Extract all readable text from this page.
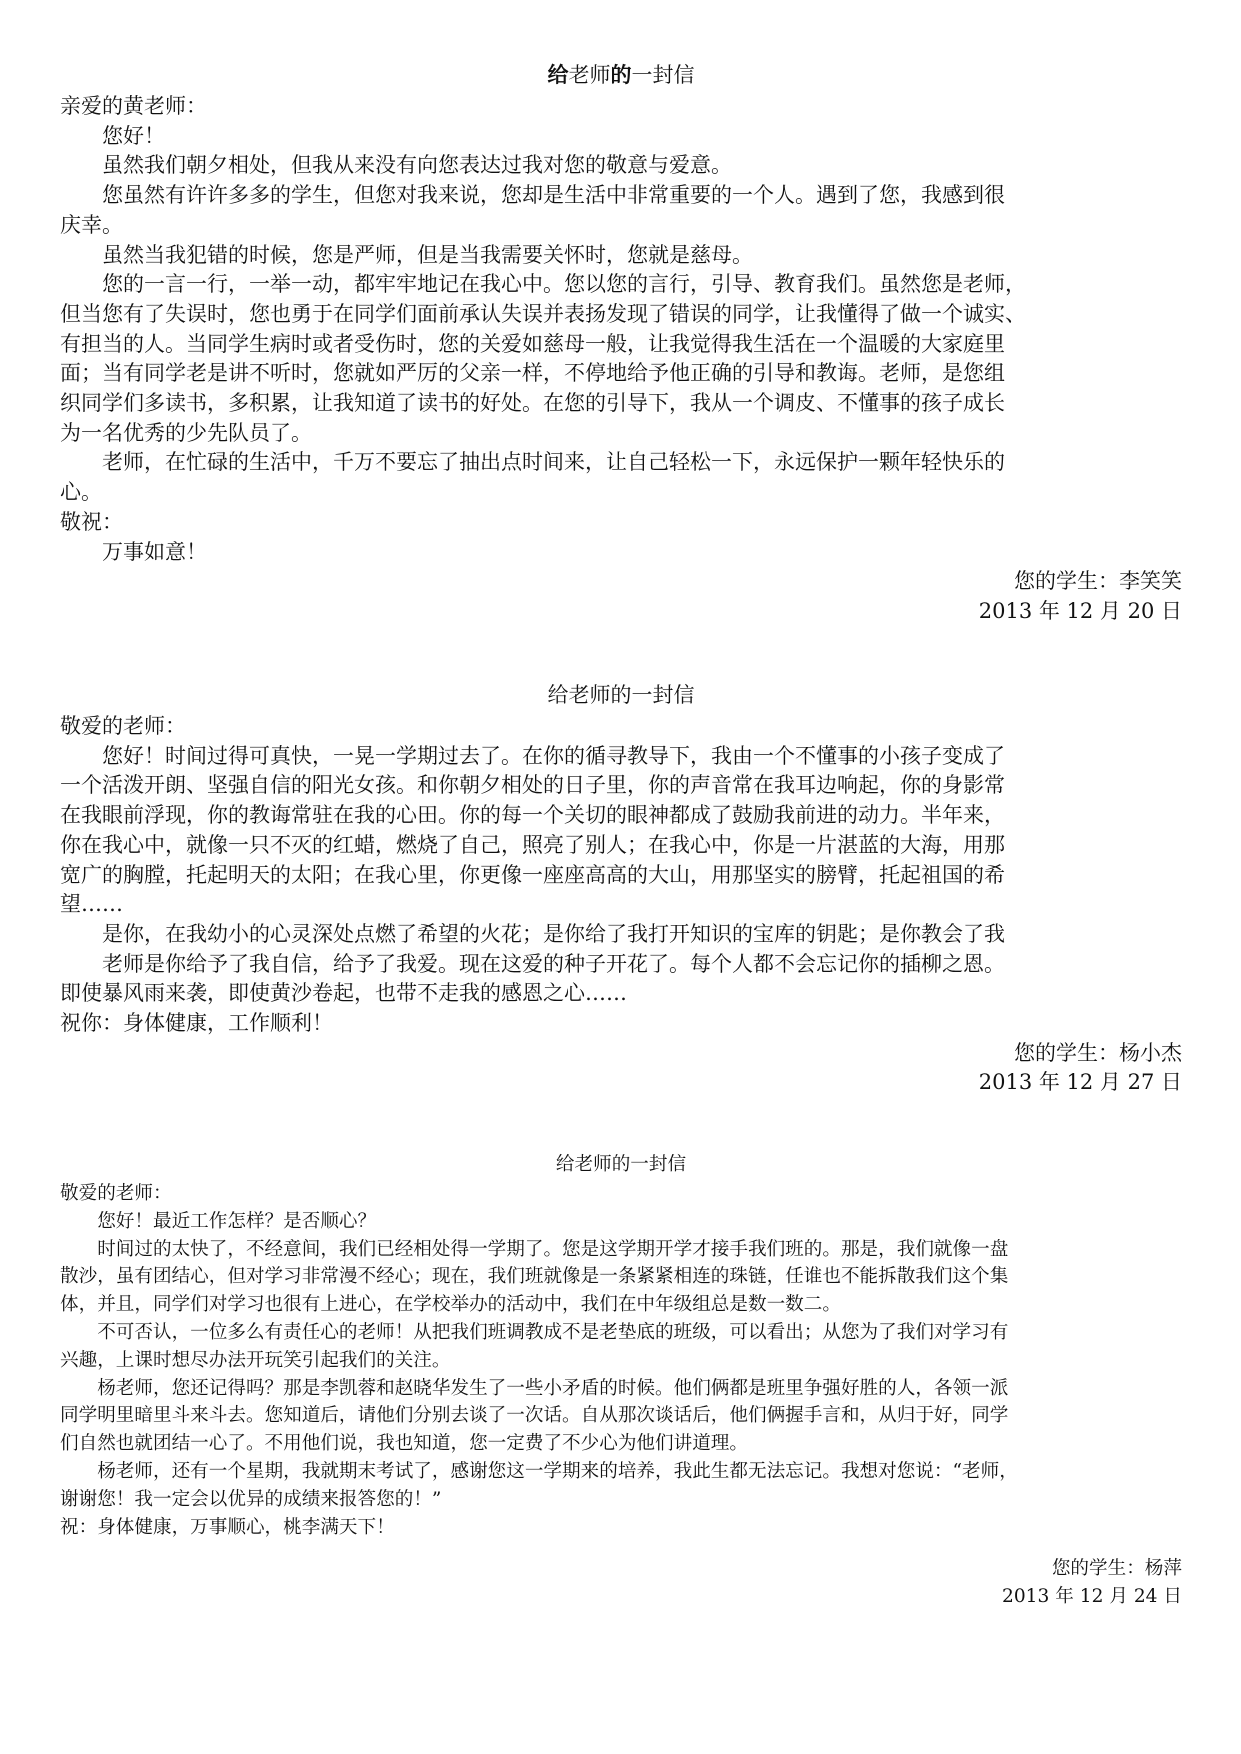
给老师的一封信

亲爱的黄老师：

您好！

虽然我们朝夕相处，但我从来没有向您表达过我对您的敬意与爱意。

您虽然有许许多多的学生，但您对我来说，您却是生活中非常重要的一个人。遇到了您，我感到很

庆幸。

虽然当我犯错的时候，您是严师，但是当我需要关怀时，您就是慈母。

您的一言一行，一举一动，都牢牢地记在我心中。您以您的言行，引导、教育我们。虽然您是老师，

但当您有了失误时，您也勇于在同学们面前承认失误并表扬发现了错误的同学，让我懂得了做一个诚实、

有担当的人。当同学生病时或者受伤时，您的关爱如慈母一般，让我觉得我生活在一个温暖的大家庭里

面；当有同学老是讲不听时，您就如严厉的父亲一样，不停地给予他正确的引导和教诲。老师，是您组

织同学们多读书，多积累，让我知道了读书的好处。在您的引导下，我从一个调皮、不懂事的孩子成长

为一名优秀的少先队员了。

老师，在忙碌的生活中，千万不要忘了抽出点时间来，让自己轻松一下，永远保护一颗年轻快乐的

心。

敬祝：

万事如意！

您的学生：李笑笑

2013 年 12 月 20 日

给老师的一封信

敬爱的老师：

您好！时间过得可真快，一晃一学期过去了。在你的循寻教导下，我由一个不懂事的小孩子变成了

一个活泼开朗、坚强自信的阳光女孩。和你朝夕相处的日子里，你的声音常在我耳边响起，你的身影常

在我眼前浮现，你的教诲常驻在我的心田。你的每一个关切的眼神都成了鼓励我前进的动力。半年来，

你在我心中，就像一只不灭的红蜡，燃烧了自己，照亮了别人；在我心中，你是一片湛蓝的大海，用那

宽广的胸膛，托起明天的太阳；在我心里，你更像一座座高高的大山，用那坚实的膀臂，托起祖国的希

望……

是你，在我幼小的心灵深处点燃了希望的火花；是你给了我打开知识的宝库的钥匙；是你教会了我

老师是你给予了我自信，给予了我爱。现在这爱的种子开花了。每个人都不会忘记你的插柳之恩。

即使暴风雨来袭，即使黄沙卷起，也带不走我的感恩之心……

祝你：身体健康，工作顺利！

您的学生：杨小杰

2013 年 12 月 27 日

给老师的一封信

敬爱的老师：

您好！最近工作怎样？是否顺心？

时间过的太快了，不经意间，我们已经相处得一学期了。您是这学期开学才接手我们班的。那是，我们就像一盘

散沙，虽有团结心，但对学习非常漫不经心；现在，我们班就像是一条紧紧相连的珠链，任谁也不能拆散我们这个集

体，并且，同学们对学习也很有上进心，在学校举办的活动中，我们在中年级组总是数一数二。

不可否认，一位多么有责任心的老师！从把我们班调教成不是老垫底的班级，可以看出；从您为了我们对学习有

兴趣，上课时想尽办法开玩笑引起我们的关注。

杨老师，您还记得吗？那是李凯蓉和赵晓华发生了一些小矛盾的时候。他们俩都是班里争强好胜的人，各领一派

同学明里暗里斗来斗去。您知道后，请他们分别去谈了一次话。自从那次谈话后，他们俩握手言和，从归于好，同学

们自然也就团结一心了。不用他们说，我也知道，您一定费了不少心为他们讲道理。

杨老师，还有一个星期，我就期末考试了，感谢您这一学期来的培养，我此生都无法忘记。我想对您说：“老师，

谢谢您！我一定会以优异的成绩来报答您的！”

祝：身体健康，万事顺心，桃李满天下！

您的学生：杨萍

2013 年 12 月 24 日
